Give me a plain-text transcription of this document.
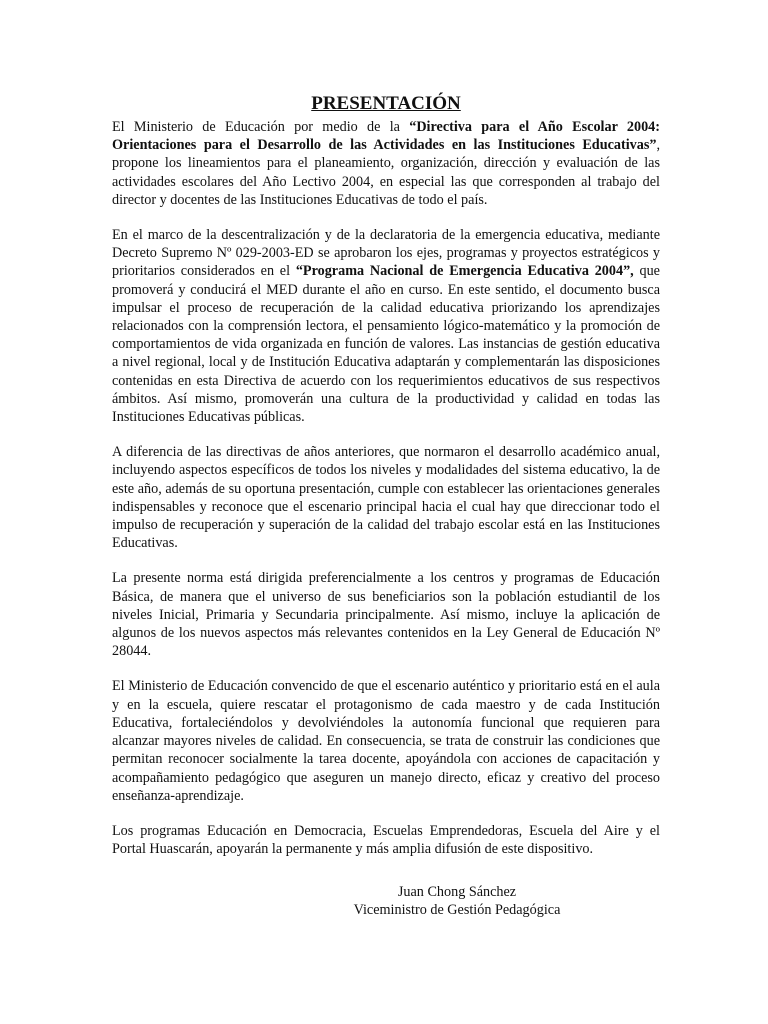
PRESENTACIÓN

El Ministerio de Educación por medio de la “Directiva para el Año Escolar 2004: Orientaciones para el Desarrollo de las Actividades en las Instituciones Educativas”, propone los lineamientos para el planeamiento, organización, dirección y evaluación de las actividades escolares del Año Lectivo 2004, en especial las que corresponden al trabajo del director y docentes de las Instituciones Educativas de todo el país.

En el marco de la descentralización y de la declaratoria de la emergencia educativa, mediante Decreto Supremo Nº 029-2003-ED se aprobaron los ejes, programas y proyectos estratégicos y prioritarios considerados en el “Programa Nacional de Emergencia Educativa 2004”, que promoverá y conducirá el MED durante el año en curso. En este sentido, el documento busca impulsar el proceso de recuperación de la calidad educativa priorizando los aprendizajes relacionados con la comprensión lectora, el pensamiento lógico-matemático y la promoción de comportamientos de vida organizada en función de valores. Las instancias de gestión educativa a nivel regional, local y de Institución Educativa adaptarán y complementarán las disposiciones contenidas en esta Directiva de acuerdo con los requerimientos educativos de sus respectivos ámbitos. Así mismo, promoverán una cultura de la productividad y calidad en todas las Instituciones Educativas públicas.

A diferencia de las directivas de años anteriores, que normaron el desarrollo académico anual, incluyendo aspectos específicos de todos los niveles y modalidades del sistema educativo, la de este año, además de su oportuna presentación, cumple con establecer las orientaciones generales indispensables y reconoce que el escenario principal hacia el cual hay que direccionar todo el impulso de recuperación y superación de la calidad del trabajo escolar está en las Instituciones Educativas.

La presente norma está dirigida preferencialmente a los centros y programas de Educación Básica, de manera que el universo de sus beneficiarios son la población estudiantil de los niveles Inicial, Primaria y Secundaria principalmente. Así mismo, incluye la aplicación de algunos de los nuevos aspectos más relevantes contenidos en la Ley General de Educación Nº 28044.

El Ministerio de Educación convencido de que el escenario auténtico y prioritario está en el aula y en la escuela, quiere rescatar el protagonismo de cada maestro y de cada Institución Educativa, fortaleciéndolos y devolviéndoles la autonomía funcional que requieren para alcanzar mayores niveles de calidad. En consecuencia, se trata de construir las condiciones que permitan reconocer socialmente la tarea docente, apoyándola con acciones de capacitación y acompañamiento pedagógico que aseguren un manejo directo, eficaz y creativo del proceso enseñanza-aprendizaje.

Los programas Educación en Democracia, Escuelas Emprendedoras, Escuela del Aire y el Portal Huascarán, apoyarán la permanente y más amplia difusión de este dispositivo.

Juan Chong Sánchez
Viceministro de Gestión Pedagógica
